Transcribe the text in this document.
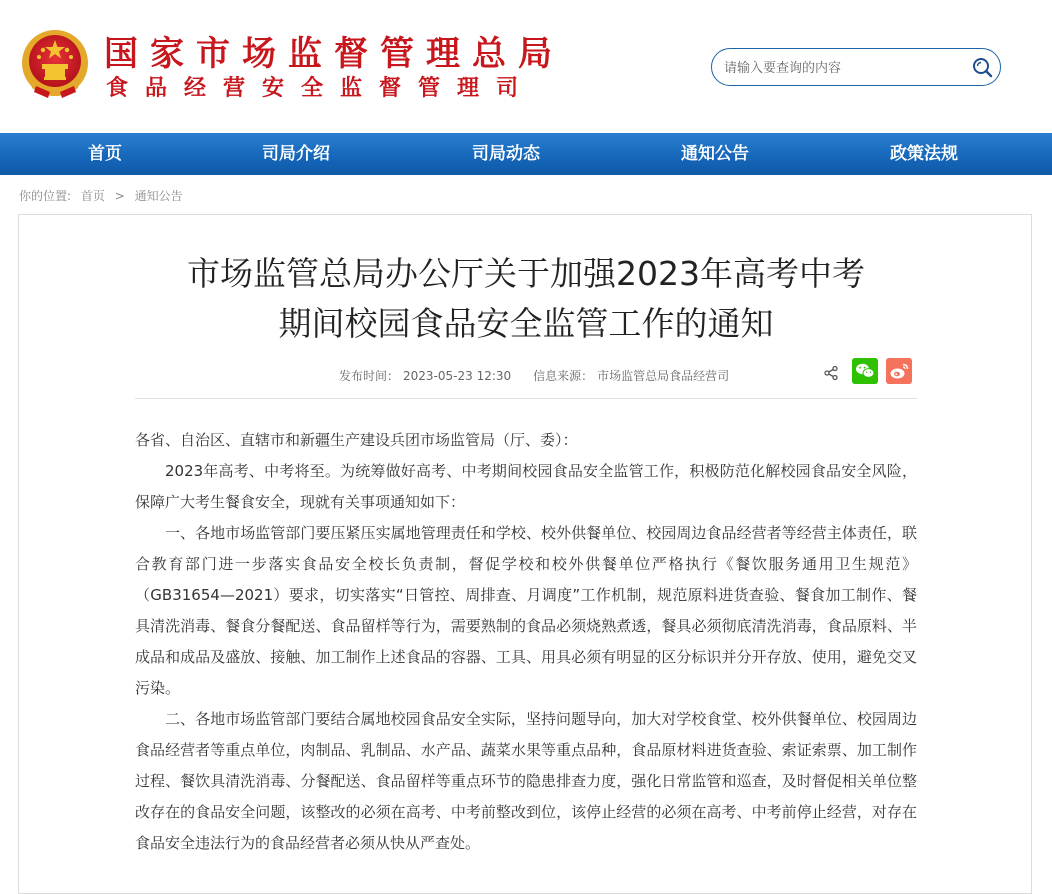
国家市场监督管理总局
食品经营安全监督管理司
请输入要查询的内容
首页	司局介绍	司局动态	通知公告	政策法规
你的位置: 首页 > 通知公告
市场监管总局办公厅关于加强2023年高考中考
期间校园食品安全监管工作的通知
发布时间： 2023-05-23 12:30 信息来源： 市场监管总局食品经营司

各省、自治区、直辖市和新疆生产建设兵团市场监管局（厅、委）：

2023年高考、中考将至。为统筹做好高考、中考期间校园食品安全监管工作，积极防范化解校园食品安全风险，保障广大考生餐食安全，现就有关事项通知如下：

一、各地市场监管部门要压紧压实属地管理责任和学校、校外供餐单位、校园周边食品经营者等经营主体责任，联合教育部门进一步落实食品安全校长负责制，督促学校和校外供餐单位严格执行《餐饮服务通用卫生规范》（GB31654—2021）要求，切实落实“日管控、周排查、月调度”工作机制，规范原料进货查验、餐食加工制作、餐具清洗消毒、餐食分餐配送、食品留样等行为，需要熟制的食品必须烧熟煮透，餐具必须彻底清洗消毒，食品原料、半成品和成品及盛放、接触、加工制作上述食品的容器、工具、用具必须有明显的区分标识并分开存放、使用，避免交叉污染。

二、各地市场监管部门要结合属地校园食品安全实际，坚持问题导向，加大对学校食堂、校外供餐单位、校园周边食品经营者等重点单位，肉制品、乳制品、水产品、蔬菜水果等重点品种，食品原材料进货查验、索证索票、加工制作过程、餐饮具清洗消毒、分餐配送、食品留样等重点环节的隐患排查力度，强化日常监管和巡查，及时督促相关单位整改存在的食品安全问题，该整改的必须在高考、中考前整改到位，该停止经营的必须在高考、中考前停止经营，对存在食品安全违法行为的食品经营者必须从快从严查处。
